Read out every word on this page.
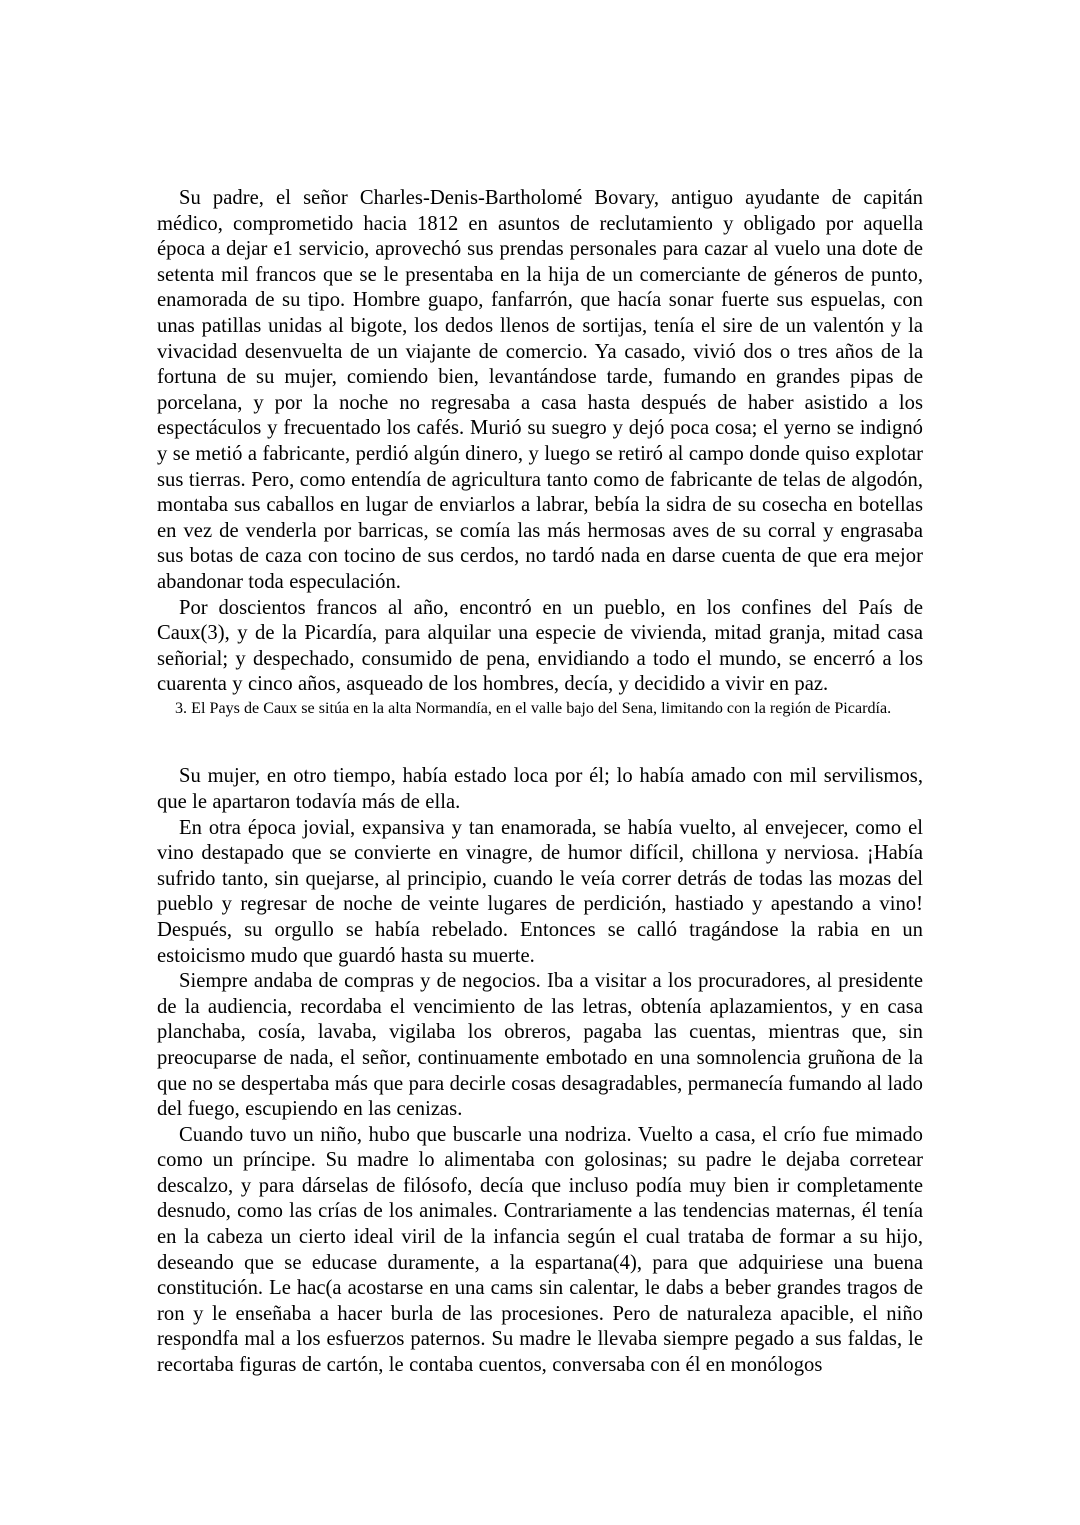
Su padre, el señor Charles-Denis-Bartholomé Bovary, antiguo ayudante de capitán médico, comprometido hacia 1812 en asuntos de reclutamiento y obligado por aquella época a dejar e1 servicio, aprovechó sus prendas personales para cazar al vuelo una dote de setenta mil francos que se le presentaba en la hija de un comerciante de géneros de punto, enamorada de su tipo. Hombre guapo, fanfarrón, que hacía sonar fuerte sus espuelas, con unas patillas unidas al bigote, los dedos llenos de sortijas, tenía el sire de un valentón y la vivacidad desenvuelta de un viajante de comercio. Ya casado, vivió dos o tres años de la fortuna de su mujer, comiendo bien, levantándose tarde, fumando en grandes pipas de porcelana, y por la noche no regresaba a casa hasta después de haber asistido a los espectáculos y frecuentado los cafés. Murió su suegro y dejó poca cosa; el yerno se indignó y se metió a fabricante, perdió algún dinero, y luego se retiró al campo donde quiso explotar sus tierras. Pero, como entendía de agricultura tanto como de fabricante de telas de algodón, montaba sus caballos en lugar de enviarlos a labrar, bebía la sidra de su cosecha en botellas en vez de venderla por barricas, se comía las más hermosas aves de su corral y engrasaba sus botas de caza con tocino de sus cerdos, no tardó nada en darse cuenta de que era mejor abandonar toda especulación.

Por doscientos francos al año, encontró en un pueblo, en los confines del País de Caux(3), y de la Picardía, para alquilar una especie de vivienda, mitad granja, mitad casa señorial; y despechado, consumido de pena, envidiando a todo el mundo, se encerró a los cuarenta y cinco años, asqueado de los hombres, decía, y decidido a vivir en paz.

3. El Pays de Caux se sitúa en la alta Normandía, en el valle bajo del Sena, limitando con la región de Picardía.

Su mujer, en otro tiempo, había estado loca por él; lo había amado con mil servilismos, que le apartaron todavía más de ella.

En otra época jovial, expansiva y tan enamorada, se había vuelto, al envejecer, como el vino destapado que se convierte en vinagre, de humor difícil, chillona y nerviosa. ¡Había sufrido tanto, sin quejarse, al principio, cuando le veía correr detrás de todas las mozas del pueblo y regresar de noche de veinte lugares de perdición, hastiado y apestando a vino! Después, su orgullo se había rebelado. Entonces se calló tragándose la rabia en un estoicismo mudo que guardó hasta su muerte.

Siempre andaba de compras y de negocios. Iba a visitar a los procuradores, al presidente de la audiencia, recordaba el vencimiento de las letras, obtenía aplazamientos, y en casa planchaba, cosía, lavaba, vigilaba los obreros, pagaba las cuentas, mientras que, sin preocuparse de nada, el señor, continuamente embotado en una somnolencia gruñona de la que no se despertaba más que para decirle cosas desagradables, permanecía fumando al lado del fuego, escupiendo en las cenizas.

Cuando tuvo un niño, hubo que buscarle una nodriza. Vuelto a casa, el crío fue mimado como un príncipe. Su madre lo alimentaba con golosinas; su padre le dejaba corretear descalzo, y para dárselas de filósofo, decía que incluso podía muy bien ir completamente desnudo, como las crías de los animales. Contrariamente a las tendencias maternas, él tenía en la cabeza un cierto ideal viril de la infancia según el cual trataba de formar a su hijo, deseando que se educase duramente, a la espartana(4), para que adquiriese una buena constitución. Le hac(a acostarse en una cams sin calentar, le dabs a beber grandes tragos de ron y le enseñaba a hacer burla de las procesiones. Pero de naturaleza apacible, el niño respondfa mal a los esfuerzos paternos. Su madre le llevaba siempre pegado a sus faldas, le recortaba figuras de cartón, le contaba cuentos, conversaba con él en monólogos
